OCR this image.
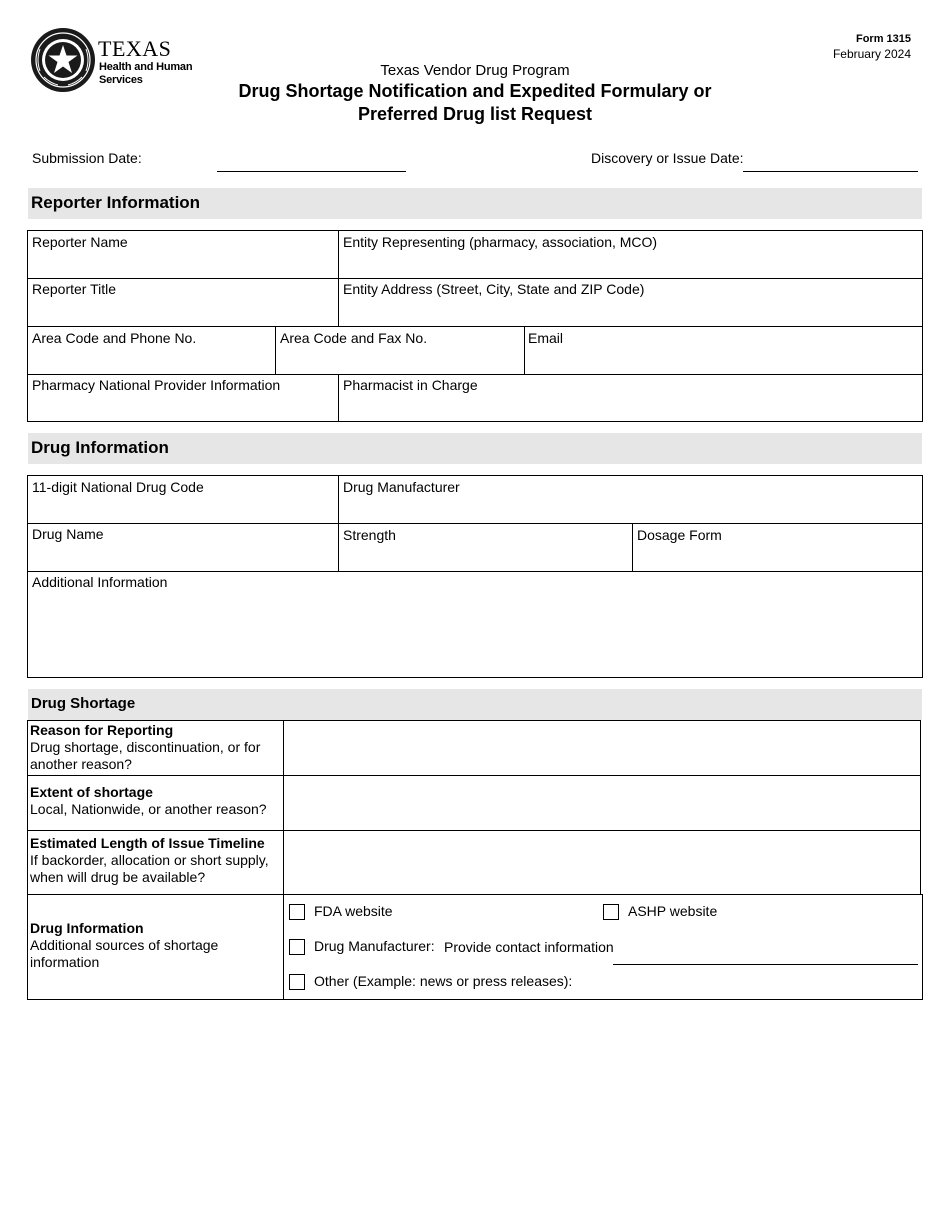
TEXAS
Health and Human
Services
Form 1315
February 2024
Texas Vendor Drug Program
Drug Shortage Notification and Expedited Formulary or
Preferred Drug list Request
Submission Date:	Discovery or Issue Date:
Reporter Information
Reporter Name	Entity Representing (pharmacy, association, MCO)
Reporter Title	Entity Address (Street, City, State and ZIP Code)
Area Code and Phone No.	Area Code and Fax No.	Email
Pharmacy National Provider Information	Pharmacist in Charge
Drug Information
11-digit National Drug Code	Drug Manufacturer
Drug Name	Strength	Dosage Form
Additional Information
Drug Shortage
Reason for Reporting
Drug shortage, discontinuation, or for another reason?
Extent of shortage
Local, Nationwide, or another reason?
Estimated Length of Issue Timeline
If backorder, allocation or short supply, when will drug be available?
Drug Information
Additional sources of shortage information
FDA website	ASHP website
Drug Manufacturer: Provide contact information
Other (Example: news or press releases):
